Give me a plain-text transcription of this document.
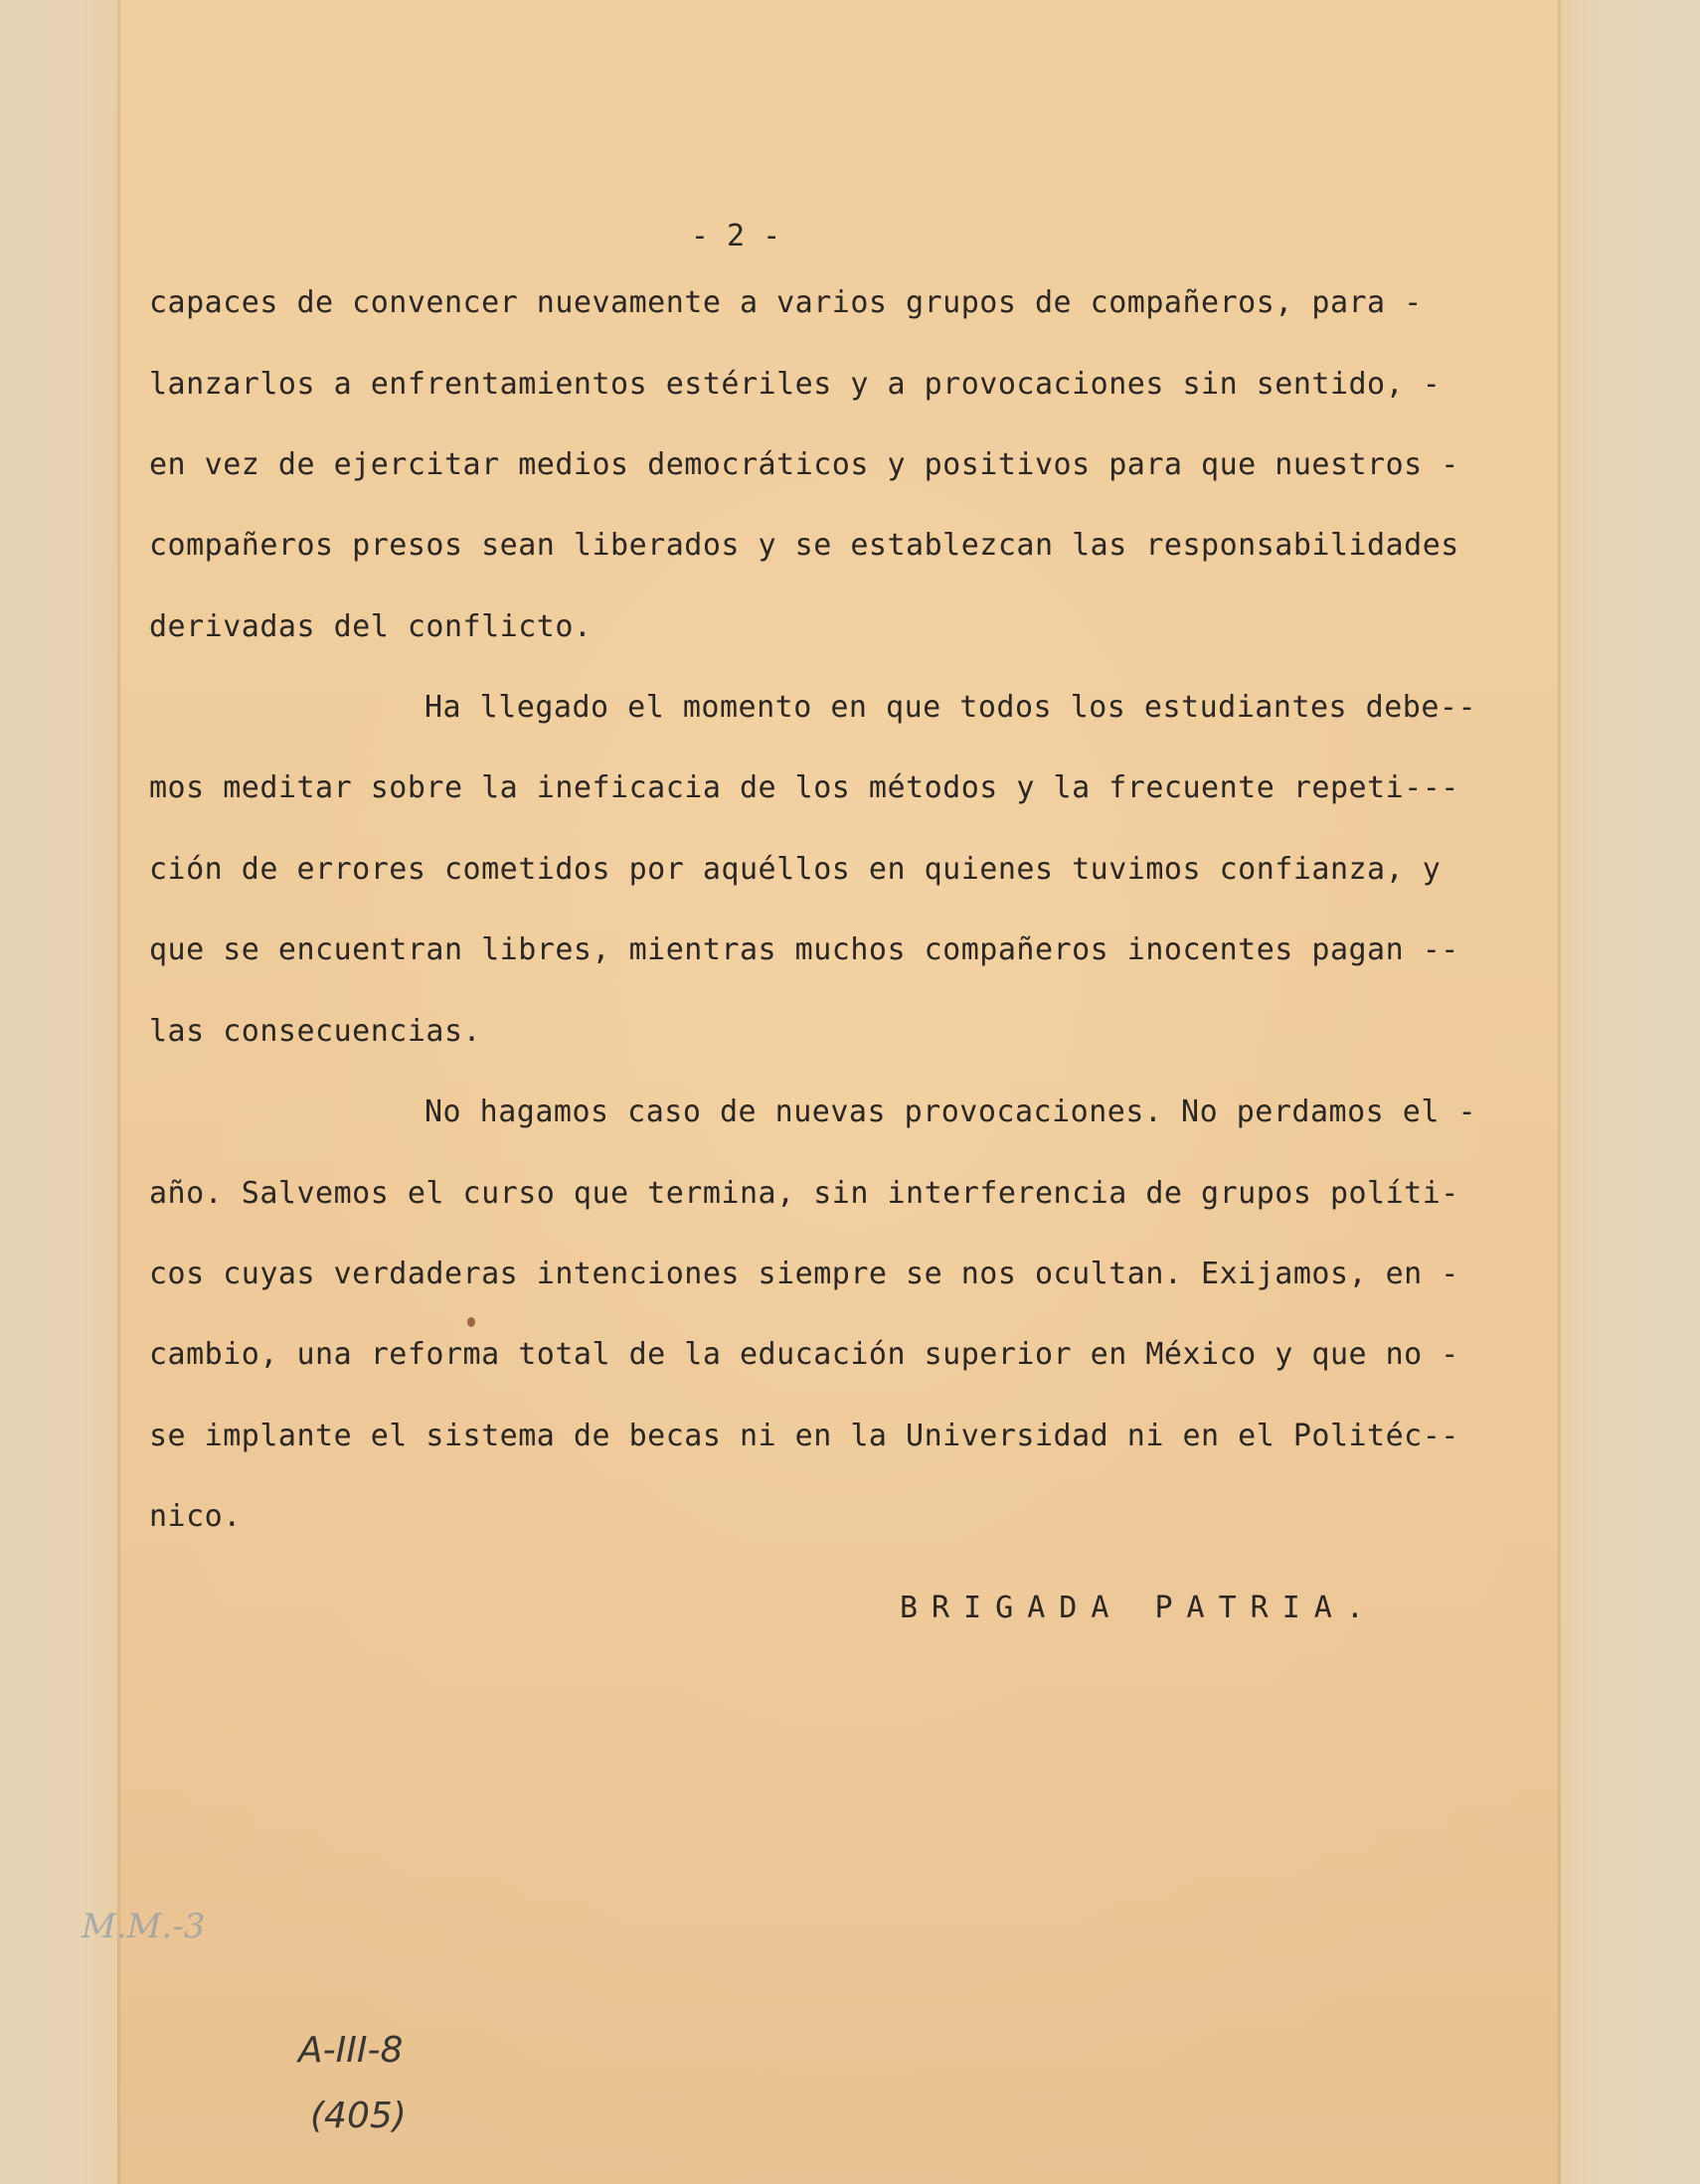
- 2 -
capaces de convencer nuevamente a varios grupos de compañeros, para -
lanzarlos a enfrentamientos estériles y a provocaciones sin sentido, -
en vez de ejercitar medios democráticos y positivos para que nuestros -
compañeros presos sean liberados y se establezcan las responsabilidades
derivadas del conflicto.
Ha llegado el momento en que todos los estudiantes debe--
mos meditar sobre la ineficacia de los métodos y la frecuente repeti---
ción de errores cometidos por aquéllos en quienes tuvimos confianza, y
que se encuentran libres, mientras muchos compañeros inocentes pagan --
las consecuencias.
No hagamos caso de nuevas provocaciones. No perdamos el -
año. Salvemos el curso que termina, sin interferencia de grupos políti-
cos cuyas verdaderas intenciones siempre se nos ocultan. Exijamos, en -
cambio, una reforma total de la educación superior en México y que no -
se implante el sistema de becas ni en la Universidad ni en el Politéc--
nico.
BRIGADA PATRIA.
M.M.-3
A-III-8
(405)
